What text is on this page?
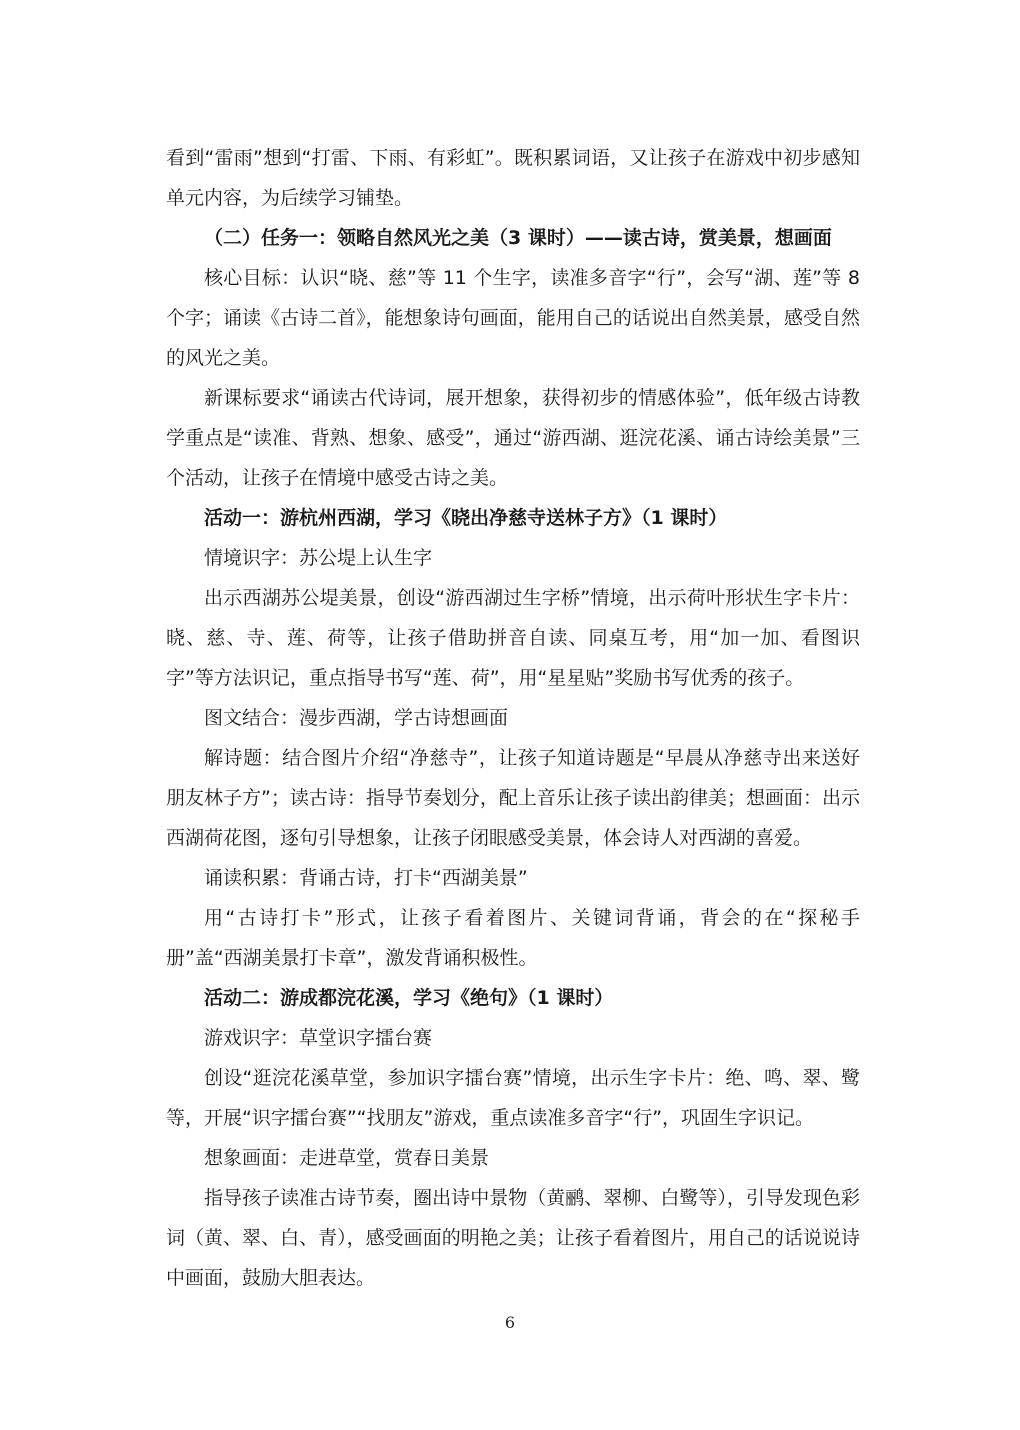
看到“雷雨”想到“打雷、下雨、有彩虹”。既积累词语，又让孩子在游戏中初步感知单元内容，为后续学习铺垫。

（二）任务一：领略自然风光之美（3 课时）——读古诗，赏美景，想画面

核心目标：认识“晓、慈”等 11 个生字，读准多音字“行”，会写“湖、莲”等 8 个字；诵读《古诗二首》，能想象诗句画面，能用自己的话说出自然美景，感受自然的风光之美。

新课标要求“诵读古代诗词，展开想象，获得初步的情感体验”，低年级古诗教学重点是“读准、背熟、想象、感受”，通过“游西湖、逛浣花溪、诵古诗绘美景”三个活动，让孩子在情境中感受古诗之美。

活动一：游杭州西湖，学习《晓出净慈寺送林子方》（1 课时）

情境识字：苏公堤上认生字

出示西湖苏公堤美景，创设“游西湖过生字桥”情境，出示荷叶形状生字卡片：晓、慈、寺、莲、荷等，让孩子借助拼音自读、同桌互考，用“加一加、看图识字”等方法识记，重点指导书写“莲、荷”，用“星星贴”奖励书写优秀的孩子。

图文结合：漫步西湖，学古诗想画面

解诗题：结合图片介绍“净慈寺”，让孩子知道诗题是“早晨从净慈寺出来送好朋友林子方”；读古诗：指导节奏划分，配上音乐让孩子读出韵律美；想画面：出示西湖荷花图，逐句引导想象，让孩子闭眼感受美景，体会诗人对西湖的喜爱。

诵读积累：背诵古诗，打卡“西湖美景”

用“古诗打卡”形式，让孩子看着图片、关键词背诵，背会的在“探秘手册”盖“西湖美景打卡章”，激发背诵积极性。

活动二：游成都浣花溪，学习《绝句》（1 课时）

游戏识字：草堂识字擂台赛

创设“逛浣花溪草堂，参加识字擂台赛”情境，出示生字卡片：绝、鸣、翠、鹭等，开展“识字擂台赛”“找朋友”游戏，重点读准多音字“行”，巩固生字识记。

想象画面：走进草堂，赏春日美景

指导孩子读准古诗节奏，圈出诗中景物（黄鹂、翠柳、白鹭等），引导发现色彩词（黄、翠、白、青），感受画面的明艳之美；让孩子看着图片，用自己的话说说诗中画面，鼓励大胆表达。

6
